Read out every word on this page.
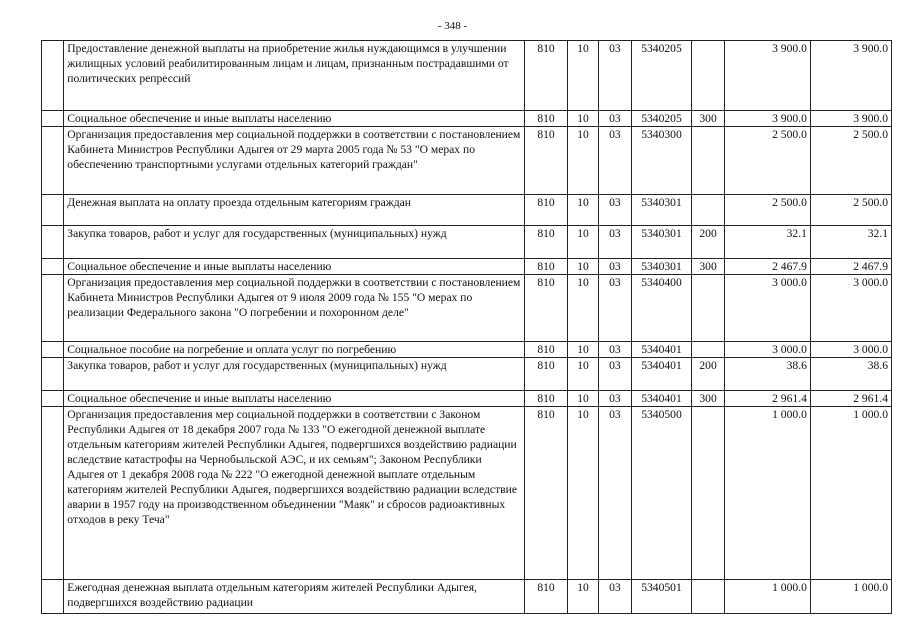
- 348 -
	Предоставление денежной выплаты на приобретение жилья нуждающимся в улучшении жилищных условий реабилитированным лицам и лицам, признанным пострадавшими от политических репрессий	810	10	03	5340205		3 900.0	3 900.0
	Социальное обеспечение и иные выплаты населению	810	10	03	5340205	300	3 900.0	3 900.0
	Организация предоставления мер социальной поддержки в соответствии с постановлением Кабинета Министров Республики Адыгея от 29 марта 2005 года № 53 "О мерах по обеспечению транспортными услугами отдельных категорий граждан"	810	10	03	5340300		2 500.0	2 500.0
	Денежная выплата на оплату проезда отдельным категориям граждан	810	10	03	5340301		2 500.0	2 500.0
	Закупка товаров, работ и услуг для государственных (муниципальных) нужд	810	10	03	5340301	200	32.1	32.1
	Социальное обеспечение и иные выплаты населению	810	10	03	5340301	300	2 467.9	2 467.9
	Организация предоставления мер социальной поддержки в соответствии с постановлением Кабинета Министров Республики Адыгея от 9 июля 2009 года № 155 "О мерах по реализации Федерального закона "О погребении и похоронном деле"	810	10	03	5340400		3 000.0	3 000.0
	Социальное пособие на погребение и оплата услуг по погребению	810	10	03	5340401		3 000.0	3 000.0
	Закупка товаров, работ и услуг для государственных (муниципальных) нужд	810	10	03	5340401	200	38.6	38.6
	Социальное обеспечение и иные выплаты населению	810	10	03	5340401	300	2 961.4	2 961.4
	Организация предоставления мер социальной поддержки в соответствии с Законом Республики Адыгея от 18 декабря 2007 года № 133 "О ежегодной денежной выплате отдельным категориям жителей Республики Адыгея, подвергшихся воздействию радиации вследствие катастрофы на Чернобыльской АЭС, и их семьям"; Законом Республики Адыгея от 1 декабря 2008 года № 222 "О ежегодной денежной выплате отдельным категориям жителей Республики Адыгея, подвергшихся воздействию радиации вследствие аварии в 1957 году на производственном объединении "Маяк" и сбросов радиоактивных отходов в реку Теча"	810	10	03	5340500		1 000.0	1 000.0
	Ежегодная денежная выплата отдельным категориям жителей Республики Адыгея, подвергшихся воздействию радиации	810	10	03	5340501		1 000.0	1 000.0
